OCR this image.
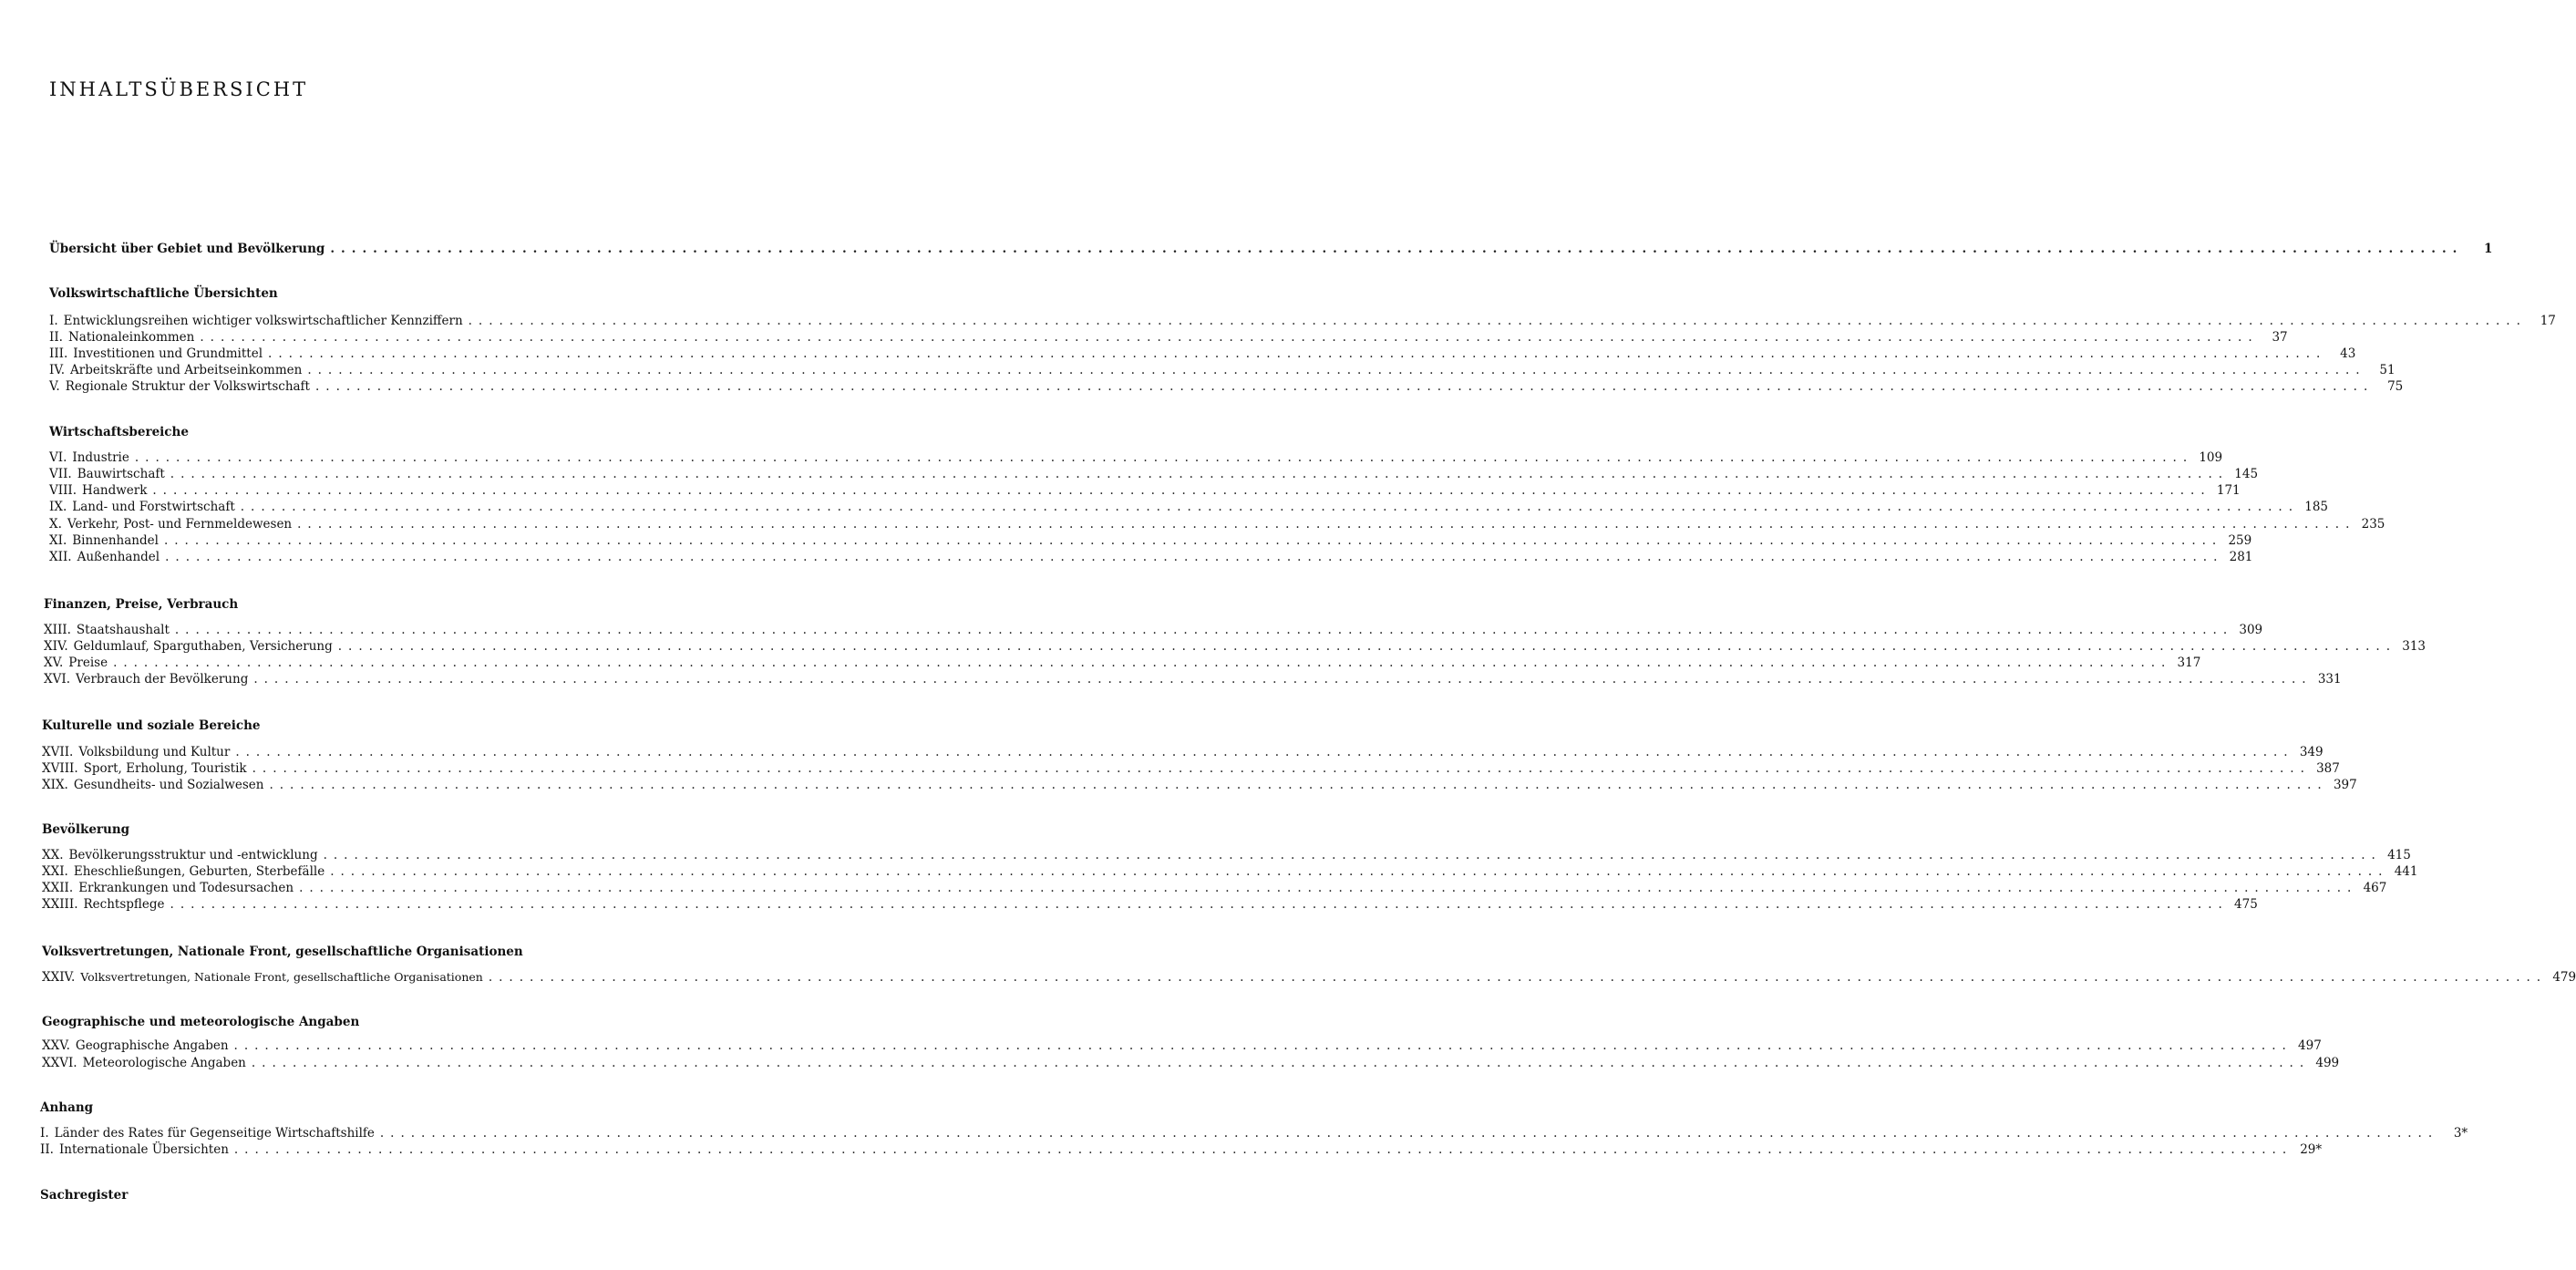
INHALTSÜBERSICHT
Übersicht über Gebiet und Bevölkerung ........................................................................................................................................................................................................	1
Volkswirtschaftliche Übersichten
I. Entwicklungsreihen wichtiger volkswirtschaftlicher Kennziffern ........................................................................................................................................................................................................	17
II. Nationaleinkommen ........................................................................................................................................................................................................	37
III. Investitionen und Grundmittel ........................................................................................................................................................................................................	43
IV. Arbeitskräfte und Arbeitseinkommen ........................................................................................................................................................................................................	51
V. Regionale Struktur der Volkswirtschaft ........................................................................................................................................................................................................	75
Wirtschaftsbereiche
VI. Industrie ........................................................................................................................................................................................................ 109
VII. Bauwirtschaft ........................................................................................................................................................................................................ 145
VIII. Handwerk ........................................................................................................................................................................................................ 171
IX. Land- und Forstwirtschaft ........................................................................................................................................................................................................ 185
X. Verkehr, Post- und Fernmeldewesen ........................................................................................................................................................................................................ 235
XI. Binnenhandel ........................................................................................................................................................................................................ 259
XII. Außenhandel ........................................................................................................................................................................................................ 281
Finanzen, Preise, Verbrauch
XIII. Staatshaushalt ........................................................................................................................................................................................................ 309
XIV. Geldumlauf, Sparguthaben, Versicherung ........................................................................................................................................................................................................ 313
XV. Preise ........................................................................................................................................................................................................ 317
XVI. Verbrauch der Bevölkerung ........................................................................................................................................................................................................ 331
Kulturelle und soziale Bereiche
XVII. Volksbildung und Kultur ........................................................................................................................................................................................................ 349
XVIII. Sport, Erholung, Touristik ........................................................................................................................................................................................................ 387
XIX. Gesundheits- und Sozialwesen ........................................................................................................................................................................................................ 397
Bevölkerung
XX. Bevölkerungsstruktur und -entwicklung ........................................................................................................................................................................................................ 415
XXI. Eheschließungen, Geburten, Sterbefälle ........................................................................................................................................................................................................ 441
XXII. Erkrankungen und Todesursachen ........................................................................................................................................................................................................ 467
XXIII. Rechtspflege ........................................................................................................................................................................................................ 475
Volksvertretungen, Nationale Front, gesellschaftliche Organisationen
XXIV. Volksvertretungen, Nationale Front, gesellschaftliche Organisationen ........................................................................................................................................................................................................ 479
Geographische und meteorologische Angaben
XXV. Geographische Angaben ........................................................................................................................................................................................................ 497
XXVI. Meteorologische Angaben ........................................................................................................................................................................................................ 499
Anhang
I. Länder des Rates für Gegenseitige Wirtschaftshilfe ........................................................................................................................................................................................................	3*
II. Internationale Übersichten ........................................................................................................................................................................................................ 29*
Sachregister
